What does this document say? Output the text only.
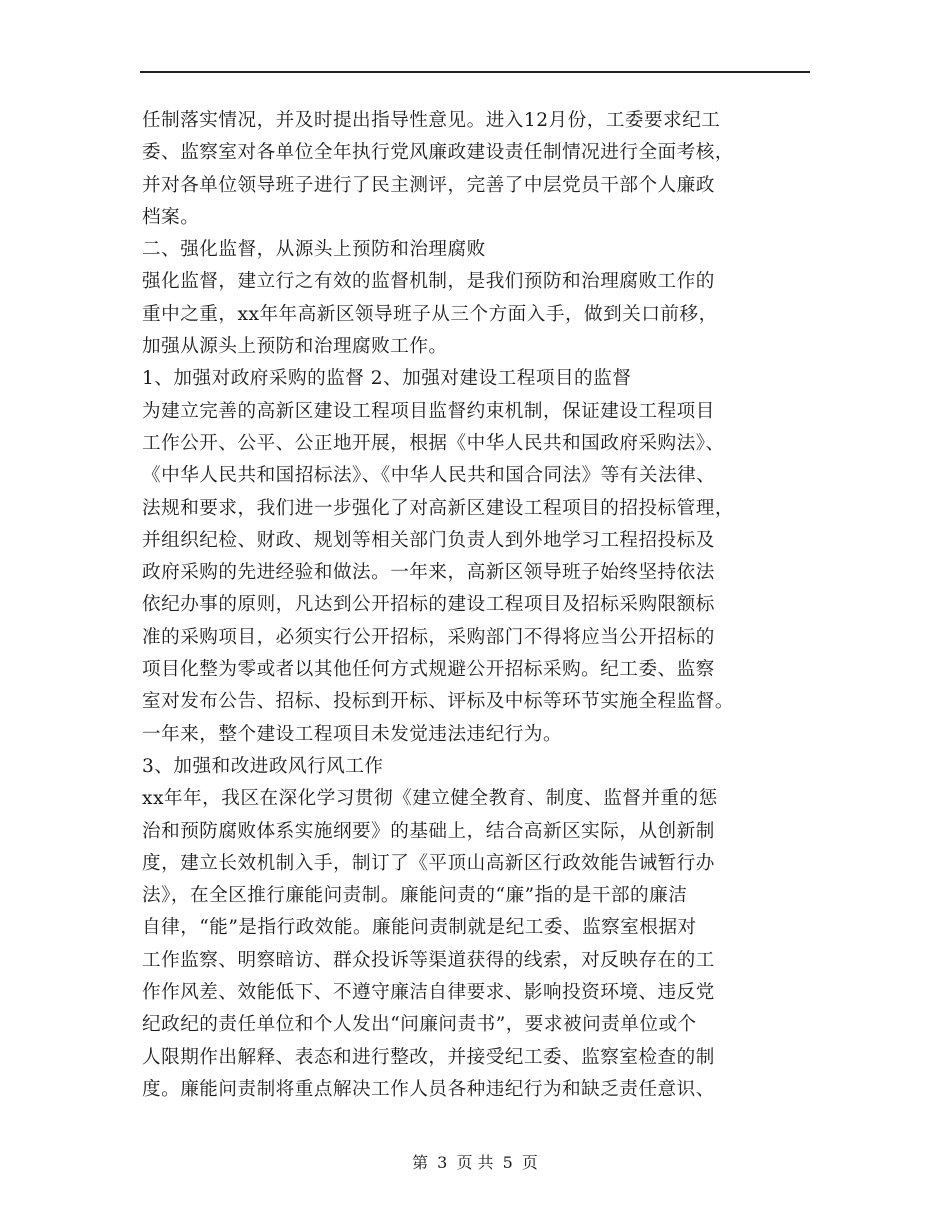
任制落实情况，并及时提出指导性意见。进入12月份，工委要求纪工
委、监察室对各单位全年执行党风廉政建设责任制情况进行全面考核，
并对各单位领导班子进行了民主测评，完善了中层党员干部个人廉政
档案。
二、强化监督，从源头上预防和治理腐败
强化监督，建立行之有效的监督机制，是我们预防和治理腐败工作的
重中之重，xx年年高新区领导班子从三个方面入手，做到关口前移，
加强从源头上预防和治理腐败工作。
1、加强对政府采购的监督 2、加强对建设工程项目的监督
为建立完善的高新区建设工程项目监督约束机制，保证建设工程项目
工作公开、公平、公正地开展，根据《中华人民共和国政府采购法》、
《中华人民共和国招标法》、《中华人民共和国合同法》等有关法律、
法规和要求，我们进一步强化了对高新区建设工程项目的招投标管理，
并组织纪检、财政、规划等相关部门负责人到外地学习工程招投标及
政府采购的先进经验和做法。一年来，高新区领导班子始终坚持依法
依纪办事的原则，凡达到公开招标的建设工程项目及招标采购限额标
准的采购项目，必须实行公开招标，采购部门不得将应当公开招标的
项目化整为零或者以其他任何方式规避公开招标采购。纪工委、监察
室对发布公告、招标、投标到开标、评标及中标等环节实施全程监督。
一年来，整个建设工程项目未发觉违法违纪行为。
3、加强和改进政风行风工作
xx年年，我区在深化学习贯彻《建立健全教育、制度、监督并重的惩
治和预防腐败体系实施纲要》的基础上，结合高新区实际，从创新制
度，建立长效机制入手，制订了《平顶山高新区行政效能告诫暂行办
法》，在全区推行廉能问责制。廉能问责的“廉”指的是干部的廉洁
自律，“能”是指行政效能。廉能问责制就是纪工委、监察室根据对
工作监察、明察暗访、群众投诉等渠道获得的线索，对反映存在的工
作作风差、效能低下、不遵守廉洁自律要求、影响投资环境、违反党
纪政纪的责任单位和个人发出“问廉问责书”，要求被问责单位或个
人限期作出解释、表态和进行整改，并接受纪工委、监察室检查的制
度。廉能问责制将重点解决工作人员各种违纪行为和缺乏责任意识、
第 3 页 共 5 页
